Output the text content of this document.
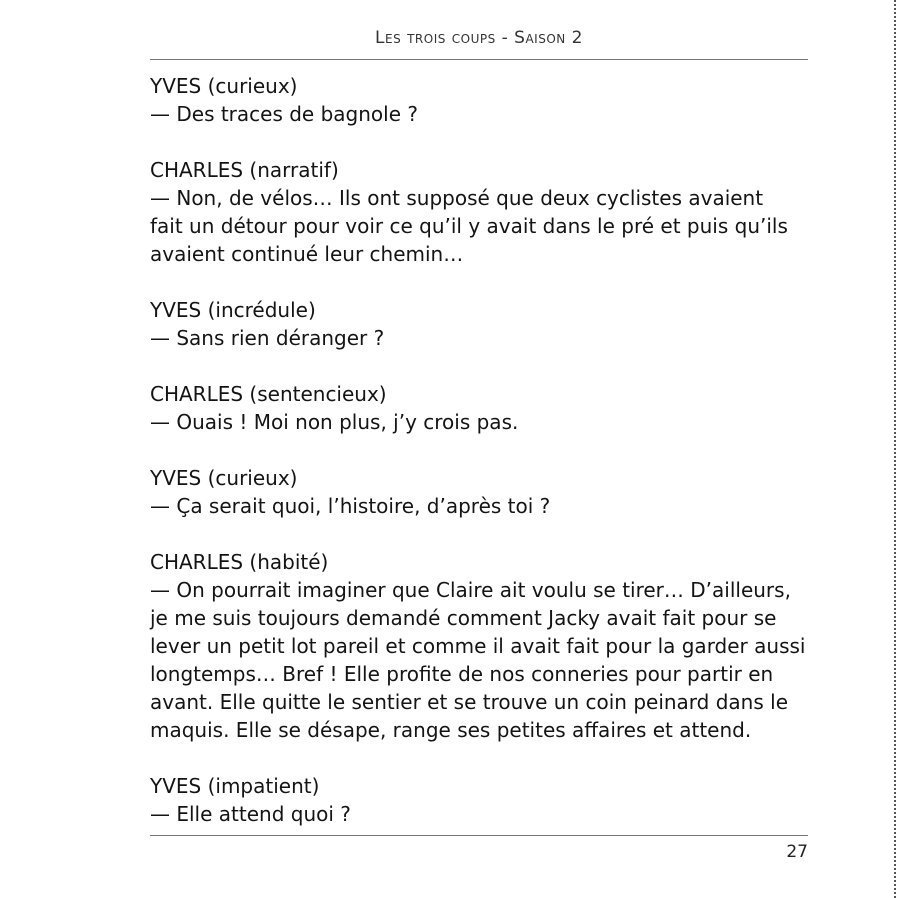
Les trois coups - Saison 2
YVES (curieux)
— Des traces de bagnole ?
CHARLES (narratif)
— Non, de vélos… Ils ont supposé que deux cyclistes avaient
fait un détour pour voir ce qu’il y avait dans le pré et puis qu’ils
avaient continué leur chemin…
YVES (incrédule)
— Sans rien déranger ?
CHARLES (sentencieux)
— Ouais ! Moi non plus, j’y crois pas.
YVES (curieux)
— Ça serait quoi, l’histoire, d’après toi ?
CHARLES (habité)
— On pourrait imaginer que Claire ait voulu se tirer… D’ailleurs,
je me suis toujours demandé comment Jacky avait fait pour se
lever un petit lot pareil et comme il avait fait pour la garder aussi
longtemps… Bref ! Elle profite de nos conneries pour partir en
avant. Elle quitte le sentier et se trouve un coin peinard dans le
maquis. Elle se désape, range ses petites affaires et attend.
YVES (impatient)
— Elle attend quoi ?
27
